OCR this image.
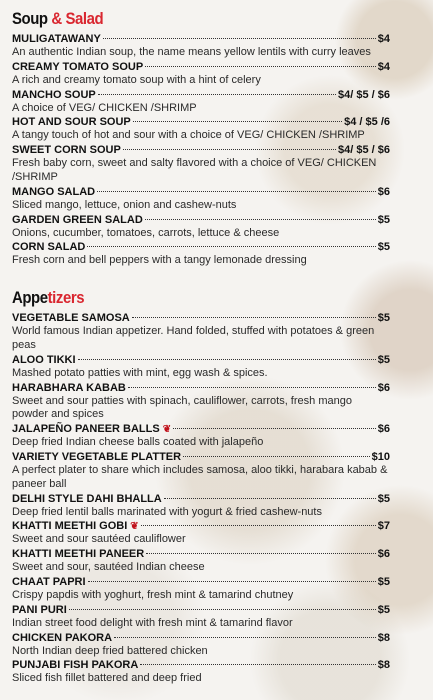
Soup & Salad
MULIGATAWANY	$4
An authentic Indian soup, the name means yellow lentils with curry leaves
CREAMY TOMATO SOUP	$4
A rich and creamy tomato soup with a hint of celery
MANCHO SOUP	$4/ $5 / $6
A choice of VEG/ CHICKEN /SHRIMP
HOT AND SOUR SOUP	$4 / $5 /6
A tangy touch of hot and sour with a choice of VEG/ CHICKEN /SHRIMP
SWEET CORN SOUP	$4/ $5 / $6
Fresh baby corn, sweet and salty flavored with a choice of VEG/ CHICKEN /SHRIMP
MANGO SALAD	$6
Sliced mango, lettuce, onion and cashew-nuts
GARDEN GREEN SALAD	$5
Onions, cucumber, tomatoes, carrots, lettuce & cheese
CORN SALAD	$5
Fresh corn and bell peppers with a tangy lemonade dressing
Appetizers
VEGETABLE SAMOSA	$5
World famous Indian appetizer. Hand folded, stuffed with potatoes & green peas
ALOO TIKKI	$5
Mashed potato patties with mint, egg wash & spices.
HARABHARA KABAB	$6
Sweet and sour patties with spinach, cauliflower, carrots, fresh mango powder and spices
JALAPEÑO PANEER BALLS ❦	$6
Deep fried Indian cheese balls coated with jalapeño
VARIETY VEGETABLE PLATTER	$10
A perfect plater to share which includes samosa, aloo tikki, harabara kabab & paneer ball
DELHI STYLE DAHI BHALLA	$5
Deep fried lentil balls marinated with yogurt & fried cashew-nuts
KHATTI MEETHI GOBI ❦	$7
Sweet and sour sautéed cauliflower
KHATTI MEETHI PANEER	$6
Sweet and sour, sautéed Indian cheese
CHAAT PAPRI	$5
Crispy papdis with yoghurt, fresh mint & tamarind chutney
PANI PURI	$5
Indian street food delight with fresh mint & tamarind flavor
CHICKEN PAKORA	$8
North Indian deep fried battered chicken
PUNJABI FISH PAKORA	$8
Sliced fish fillet battered and deep fried
